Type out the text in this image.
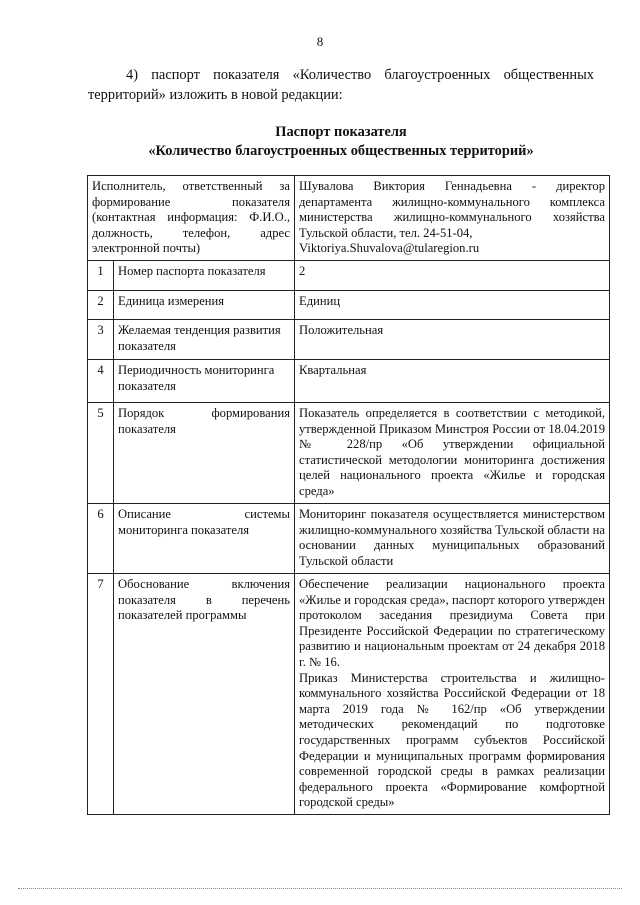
8

4) паспорт показателя «Количество благоустроенных общественных территорий» изложить в новой редакции:

Паспорт показателя
«Количество благоустроенных общественных территорий»
Исполнитель, ответственный за формирование показателя (контактная информация: Ф.И.О., должность, телефон, адрес электронной почты)		Шувалова Виктория Геннадьевна - директор департамента жилищно-коммунального комплекса министерства жилищно-коммунального хозяйства Тульской области, тел. 24-51-04,
Viktoriya.Shuvalova@tularegion.ru
1	Номер паспорта показателя	2
2	Единица измерения	Единиц
3	Желаемая тенденция развития показателя	Положительная
4	Периодичность мониторинга показателя	Квартальная
5	Порядок формирования показателя	Показатель определяется в соответствии с методикой, утвержденной Приказом Минстроя России от 18.04.2019 № 228/пр «Об утверждении официальной статистической методологии мониторинга достижения целей национального проекта «Жилье и городская среда»
6	Описание системы мониторинга показателя	Мониторинг показателя осуществляется министерством жилищно-коммунального хозяйства Тульской области на основании данных муниципальных образований Тульской области
7	Обоснование включения показателя в перечень показателей программы	Обеспечение реализации национального проекта «Жилье и городская среда», паспорт которого утвержден протоколом заседания президиума Совета при Президенте Российской Федерации по стратегическому развитию и национальным проектам от 24 декабря 2018 г. № 16.
Приказ Министерства строительства и жилищно-коммунального хозяйства Российской Федерации от 18 марта 2019 года № 162/пр «Об утверждении методических рекомендаций по подготовке государственных программ субъектов Российской Федерации и муниципальных программ формирования современной городской среды в рамках реализации федерального проекта «Формирование комфортной городской среды»
